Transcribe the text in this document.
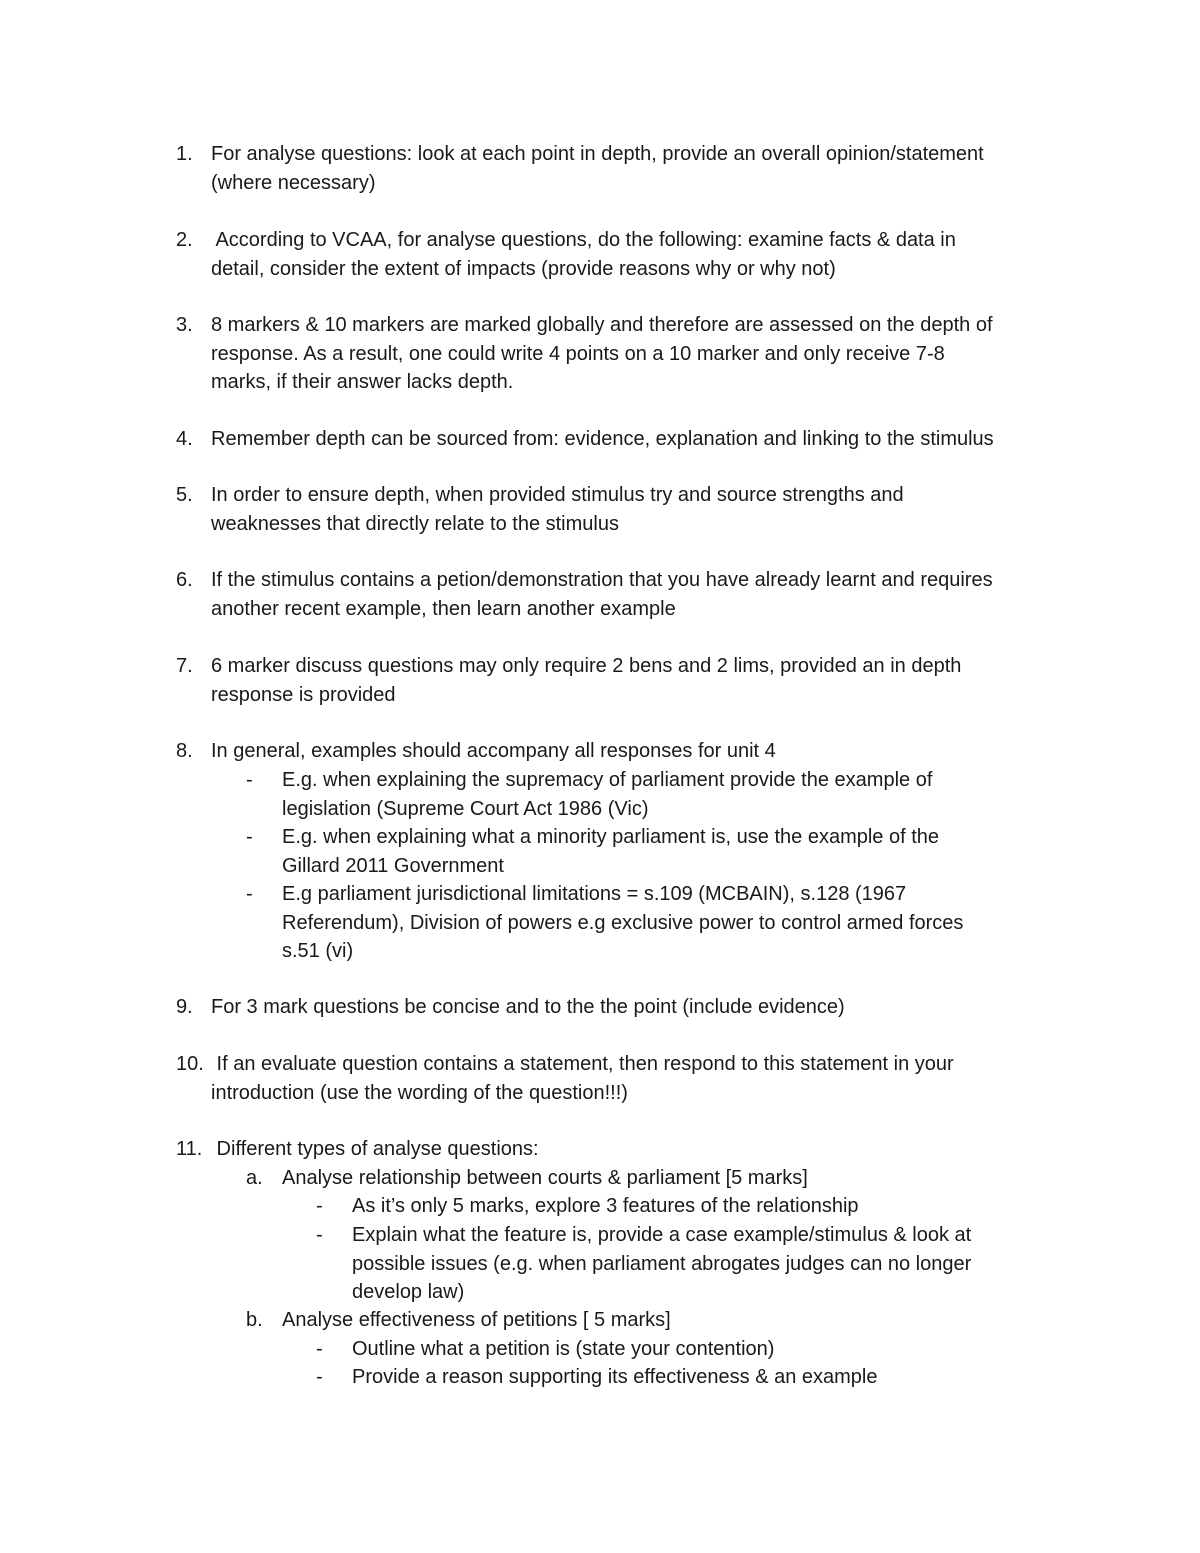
1. For analyse questions: look at each point in depth, provide an overall opinion/statement
(where necessary)
2. According to VCAA, for analyse questions, do the following: examine facts & data in
detail, consider the extent of impacts (provide reasons why or why not)
3. 8 markers & 10 markers are marked globally and therefore are assessed on the depth of
response. As a result, one could write 4 points on a 10 marker and only receive 7-8
marks, if their answer lacks depth.
4. Remember depth can be sourced from: evidence, explanation and linking to the stimulus
5. In order to ensure depth, when provided stimulus try and source strengths and
weaknesses that directly relate to the stimulus
6. If the stimulus contains a petion/demonstration that you have already learnt and requires
another recent example, then learn another example
7. 6 marker discuss questions may only require 2 bens and 2 lims, provided an in depth
response is provided
8. In general, examples should accompany all responses for unit 4
- E.g. when explaining the supremacy of parliament provide the example of
legislation (Supreme Court Act 1986 (Vic)
- E.g. when explaining what a minority parliament is, use the example of the
Gillard 2011 Government
- E.g parliament jurisdictional limitations = s.109 (MCBAIN), s.128 (1967
Referendum), Division of powers e.g exclusive power to control armed forces
s.51 (vi)
9. For 3 mark questions be concise and to the the point (include evidence)
10. If an evaluate question contains a statement, then respond to this statement in your
introduction (use the wording of the question!!!)
11. Different types of analyse questions:
a. Analyse relationship between courts & parliament [5 marks]
- As it’s only 5 marks, explore 3 features of the relationship
- Explain what the feature is, provide a case example/stimulus & look at
possible issues (e.g. when parliament abrogates judges can no longer
develop law)
b. Analyse effectiveness of petitions [ 5 marks]
- Outline what a petition is (state your contention)
- Provide a reason supporting its effectiveness & an example
